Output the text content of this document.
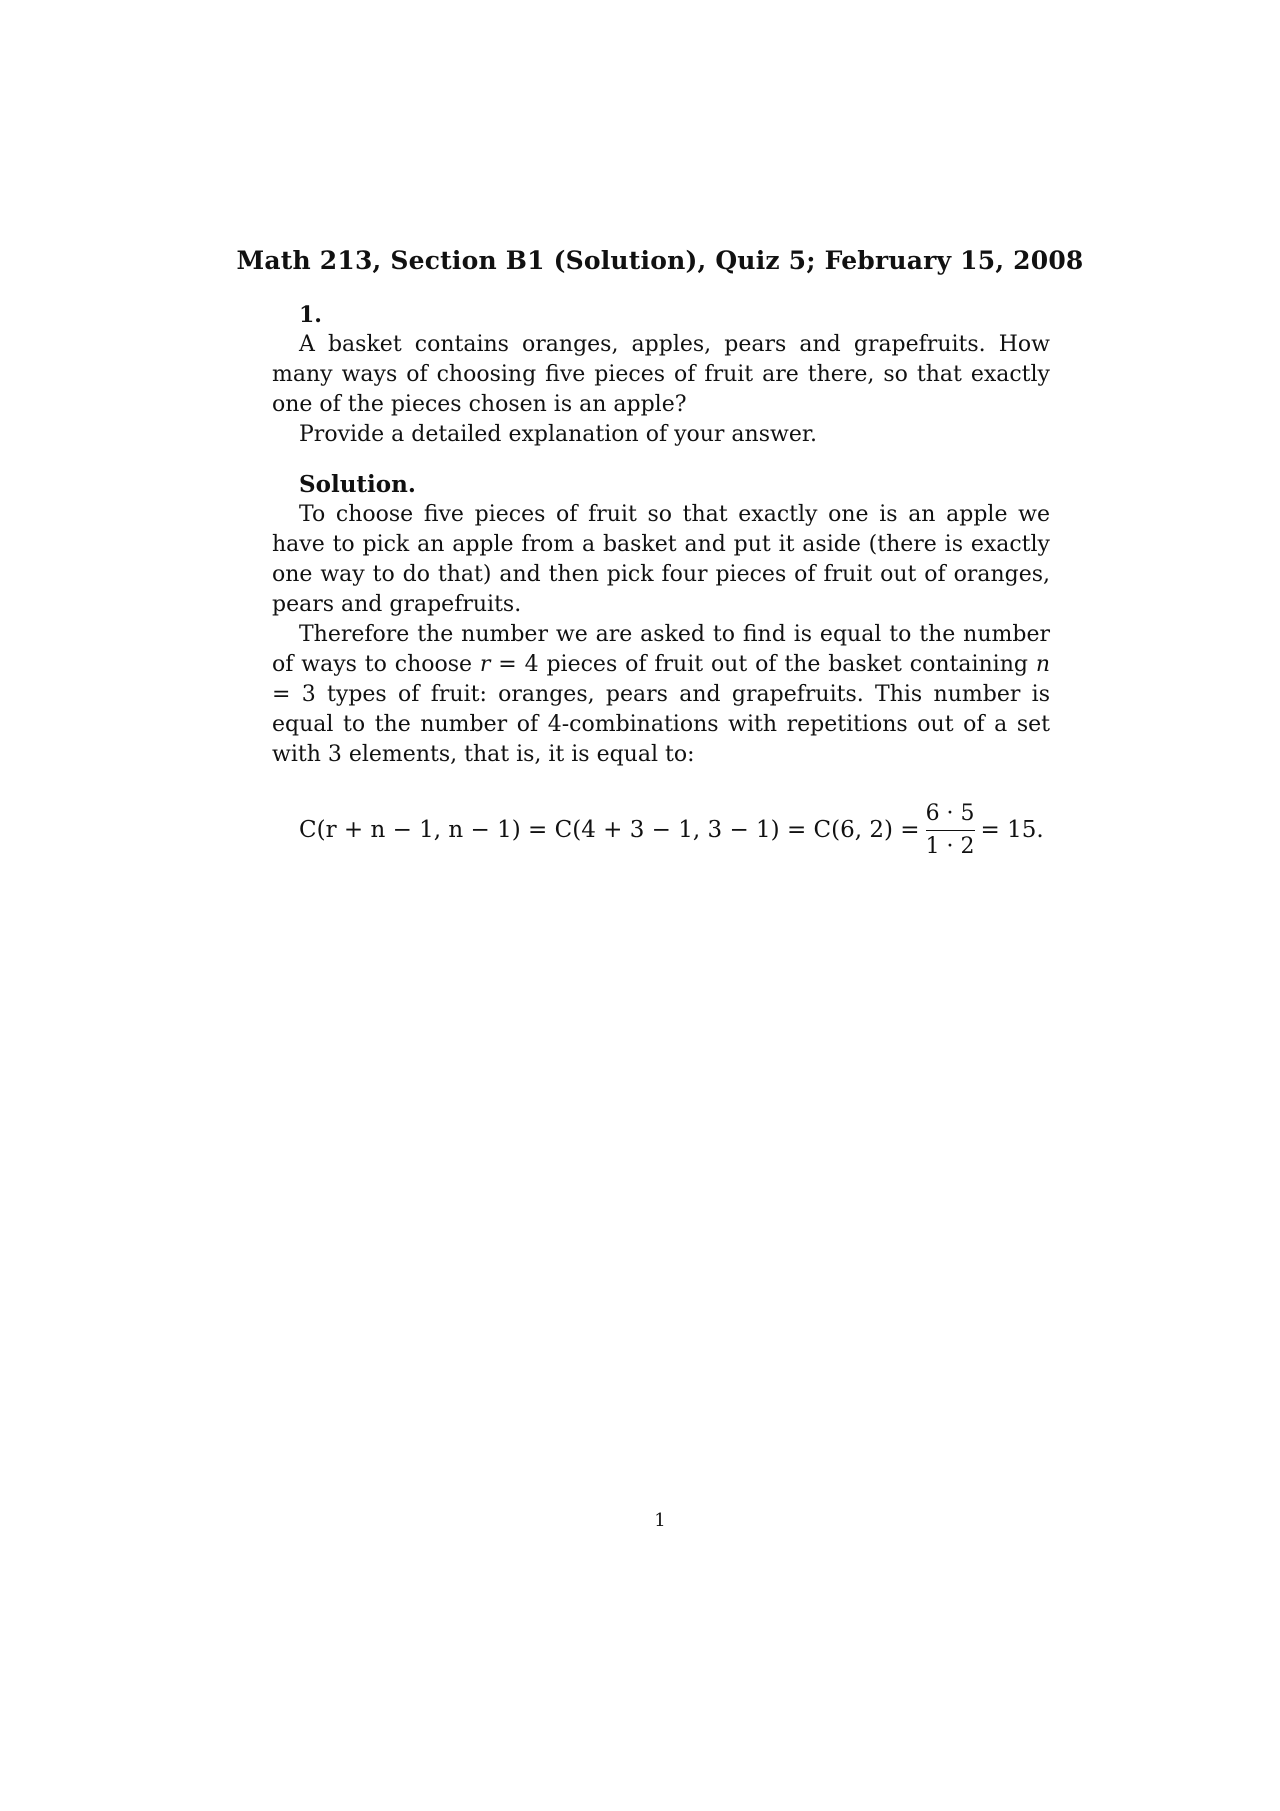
Math 213, Section B1 (Solution), Quiz 5; February 15, 2008
1.

A basket contains oranges, apples, pears and grapefruits. How many ways of choosing five pieces of fruit are there, so that exactly one of the pieces chosen is an apple?

Provide a detailed explanation of your answer.

Solution.

To choose five pieces of fruit so that exactly one is an apple we have to pick an apple from a basket and put it aside (there is exactly one way to do that) and then pick four pieces of fruit out of oranges, pears and grapefruits.

Therefore the number we are asked to find is equal to the number of ways to choose r = 4 pieces of fruit out of the basket containing n = 3 types of fruit: oranges, pears and grapefruits. This number is equal to the number of 4-combinations with repetitions out of a set with 3 elements, that is, it is equal to:

C(r + n − 1, n − 1) = C(4 + 3 − 1, 3 − 1) = C(6, $2) = \frac{6 \cdot 5}{1 \cdot 2} = 15$.
1
